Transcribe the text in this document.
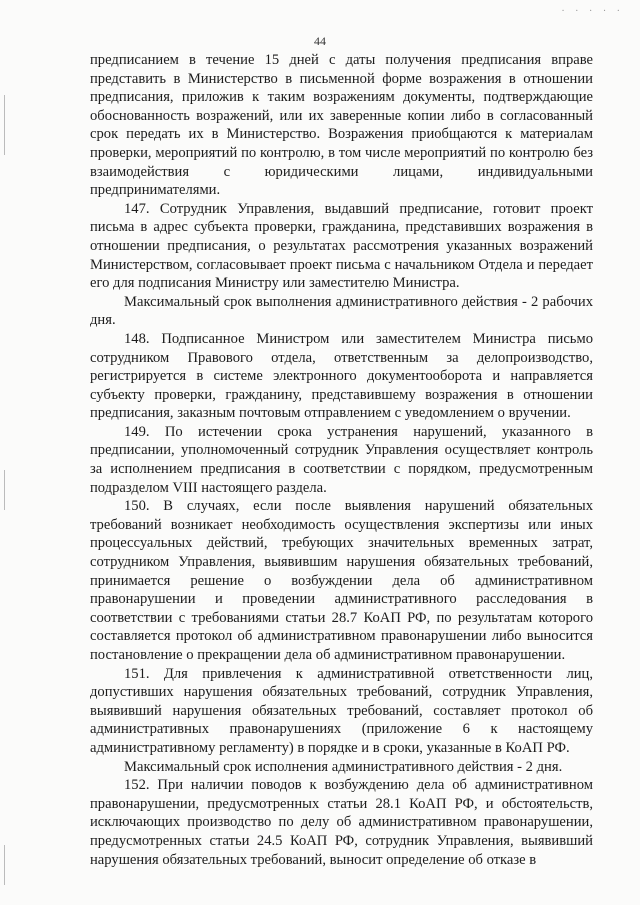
· · · · ·
44

предписанием в течение 15 дней с даты получения предписания вправе представить в Министерство в письменной форме возражения в отношении предписания, приложив к таким возражениям документы, подтверждающие обоснованность возражений, или их заверенные копии либо в согласованный срок передать их в Министерство. Возражения приобщаются к материалам проверки, мероприятий по контролю, в том числе мероприятий по контролю без взаимодействия с юридическими лицами, индивидуальными предпринимателями.

147. Сотрудник Управления, выдавший предписание, готовит проект письма в адрес субъекта проверки, гражданина, представивших возражения в отношении предписания, о результатах рассмотрения указанных возражений Министерством, согласовывает проект письма с начальником Отдела и передает его для подписания Министру или заместителю Министра.

Максимальный срок выполнения административного действия - 2 рабочих дня.

148. Подписанное Министром или заместителем Министра письмо сотрудником Правового отдела, ответственным за делопроизводство, регистрируется в системе электронного документооборота и направляется субъекту проверки, гражданину, представившему возражения в отношении предписания, заказным почтовым отправлением с уведомлением о вручении.

149. По истечении срока устранения нарушений, указанного в предписании, уполномоченный сотрудник Управления осуществляет контроль за исполнением предписания в соответствии с порядком, предусмотренным подразделом VIII настоящего раздела.

150. В случаях, если после выявления нарушений обязательных требований возникает необходимость осуществления экспертизы или иных процессуальных действий, требующих значительных временных затрат, сотрудником Управления, выявившим нарушения обязательных требований, принимается решение о возбуждении дела об административном правонарушении и проведении административного расследования в соответствии с требованиями статьи 28.7 КоАП РФ, по результатам которого составляется протокол об административном правонарушении либо выносится постановление о прекращении дела об административном правонарушении.

151. Для привлечения к административной ответственности лиц, допустивших нарушения обязательных требований, сотрудник Управления, выявивший нарушения обязательных требований, составляет протокол об административных правонарушениях (приложение 6 к настоящему административному регламенту) в порядке и в сроки, указанные в КоАП РФ.

Максимальный срок исполнения административного действия - 2 дня.

152. При наличии поводов к возбуждению дела об административном правонарушении, предусмотренных статьи 28.1 КоАП РФ, и обстоятельств, исключающих производство по делу об административном правонарушении, предусмотренных статьи 24.5 КоАП РФ, сотрудник Управления, выявивший нарушения обязательных требований, выносит определение об отказе в
